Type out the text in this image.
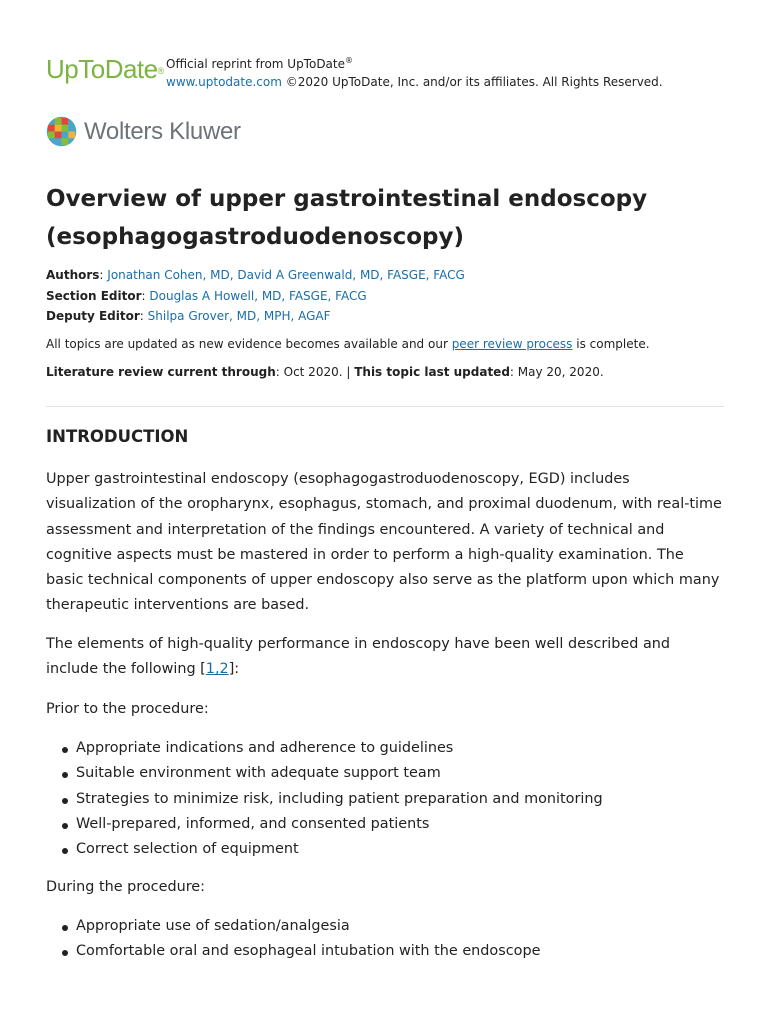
UpToDate® Official reprint from UpToDate®
www.uptodate.com ©2020 UpToDate, Inc. and/or its affiliates. All Rights Reserved.
Wolters Kluwer
Overview of upper gastrointestinal endoscopy (esophagogastroduodenoscopy)
Authors: Jonathan Cohen, MD, David A Greenwald, MD, FASGE, FACG
Section Editor: Douglas A Howell, MD, FASGE, FACG
Deputy Editor: Shilpa Grover, MD, MPH, AGAF
All topics are updated as new evidence becomes available and our peer review process is complete.
Literature review current through: Oct 2020. | This topic last updated: May 20, 2020.
INTRODUCTION

Upper gastrointestinal endoscopy (esophagogastroduodenoscopy, EGD) includes visualization of the oropharynx, esophagus, stomach, and proximal duodenum, with real-time assessment and interpretation of the findings encountered. A variety of technical and cognitive aspects must be mastered in order to perform a high-quality examination. The basic technical components of upper endoscopy also serve as the platform upon which many therapeutic interventions are based.

The elements of high-quality performance in endoscopy have been well described and include the following [1,2]:

Prior to the procedure:

Appropriate indications and adherence to guidelines
Suitable environment with adequate support team
Strategies to minimize risk, including patient preparation and monitoring
Well-prepared, informed, and consented patients
Correct selection of equipment

During the procedure:

Appropriate use of sedation/analgesia
Comfortable oral and esophageal intubation with the endoscope
